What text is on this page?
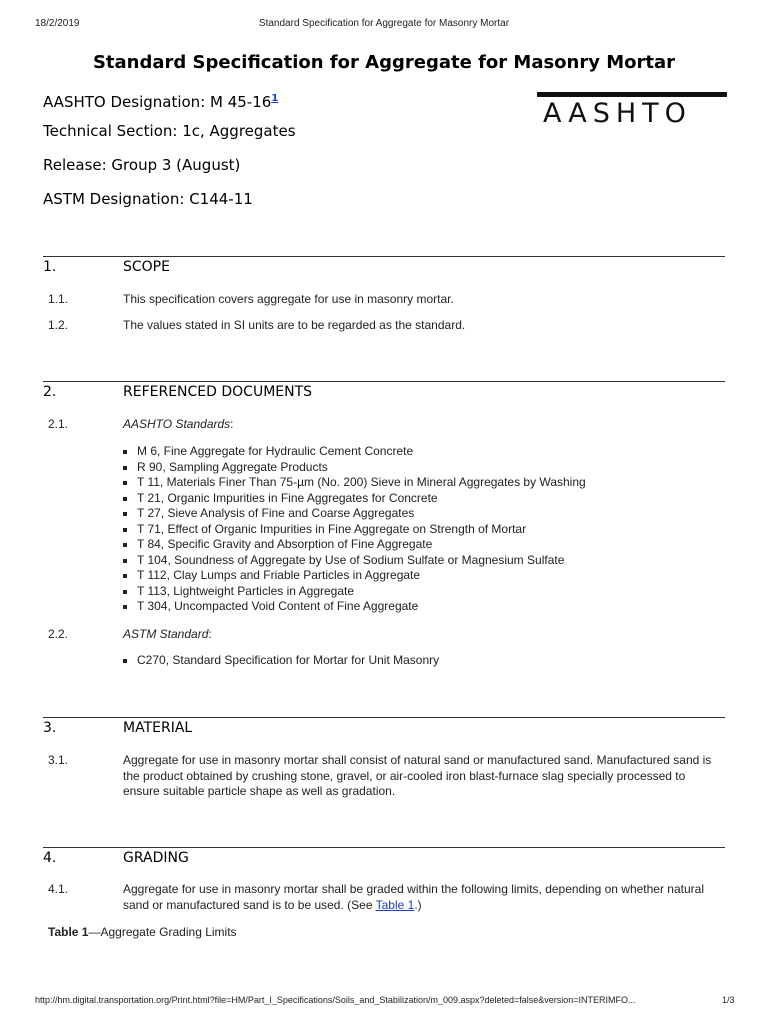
18/2/2019	Standard Specification for Aggregate for Masonry Mortar
Standard Specification for Aggregate for Masonry Mortar
AASHTO Designation: M 45-16$^1$
Technical Section: 1c, Aggregates
Release: Group 3 (August)
ASTM Designation: C144-11
AASHTO
1.	SCOPE
1.1.	This specification covers aggregate for use in masonry mortar.
1.2.	The values stated in SI units are to be regarded as the standard.
2.	REFERENCED DOCUMENTS
2.1.	AASHTO Standards:
▪ M 6, Fine Aggregate for Hydraulic Cement Concrete
▪ R 90, Sampling Aggregate Products
▪ T 11, Materials Finer Than 75-µm (No. 200) Sieve in Mineral Aggregates by Washing
▪ T 21, Organic Impurities in Fine Aggregates for Concrete
▪ T 27, Sieve Analysis of Fine and Coarse Aggregates
▪ T 71, Effect of Organic Impurities in Fine Aggregate on Strength of Mortar
▪ T 84, Specific Gravity and Absorption of Fine Aggregate
▪ T 104, Soundness of Aggregate by Use of Sodium Sulfate or Magnesium Sulfate
▪ T 112, Clay Lumps and Friable Particles in Aggregate
▪ T 113, Lightweight Particles in Aggregate
▪ T 304, Uncompacted Void Content of Fine Aggregate
2.2.	ASTM Standard:
▪ C270, Standard Specification for Mortar for Unit Masonry
3.	MATERIAL
3.1.	Aggregate for use in masonry mortar shall consist of natural sand or manufactured sand. Manufactured sand is the product obtained by crushing stone, gravel, or air-cooled iron blast-furnace slag specially processed to ensure suitable particle shape as well as gradation.
4.	GRADING
4.1.	Aggregate for use in masonry mortar shall be graded within the following limits, depending on whether natural sand or manufactured sand is to be used. (See Table 1.)
Table 1—Aggregate Grading Limits
http://hm.digital.transportation.org/Print.html?file=HM/Part_I_Specifications/Soils_and_Stabilization/m_009.aspx?deleted=false&version=INTERIMFO...	1/3
